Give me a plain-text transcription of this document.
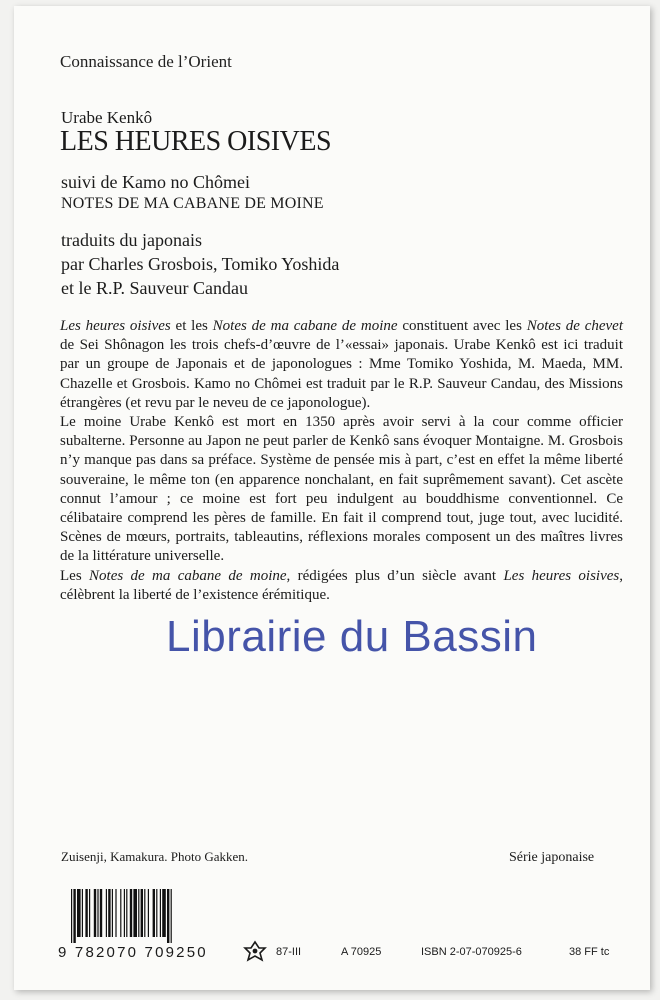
Connaissance de l’Orient
Urabe Kenkô
LES HEURES OISIVES
suivi de Kamo no Chômei
NOTES DE MA CABANE DE MOINE
traduits du japonais
par Charles Grosbois, Tomiko Yoshida
et le R.P. Sauveur Candau

Les heures oisives et les Notes de ma cabane de moine constituent avec les Notes de chevet de Sei Shônagon les trois chefs-d’œuvre de l’«essai» japonais. Urabe Kenkô est ici traduit par un groupe de Japonais et de japonologues : Mme Tomiko Yoshida, M. Maeda, MM. Chazelle et Grosbois. Kamo no Chômei est traduit par le R.P. Sauveur Candau, des Missions étrangères (et revu par le neveu de ce japonologue).

Le moine Urabe Kenkô est mort en 1350 après avoir servi à la cour comme officier subalterne. Personne au Japon ne peut parler de Kenkô sans évoquer Montaigne. M. Grosbois n’y manque pas dans sa préface. Système de pensée mis à part, c’est en effet la même liberté souveraine, le même ton (en apparence nonchalant, en fait suprêmement savant). Cet ascète connut l’amour ; ce moine est fort peu indulgent au bouddhisme conventionnel. Ce célibataire comprend les pères de famille. En fait il comprend tout, juge tout, avec lucidité. Scènes de mœurs, portraits, tableautins, réflexions morales composent un des maîtres livres de la littérature universelle.

Les Notes de ma cabane de moine, rédigées plus d’un siècle avant Les heures oisives, célèbrent la liberté de l’existence érémitique.

Librairie du Bassin
Zuisenji, Kamakura. Photo Gakken.	Série japonaise
9 782070 709250	87-III	A 70925	ISBN 2-07-070925-6	38 FF tc
